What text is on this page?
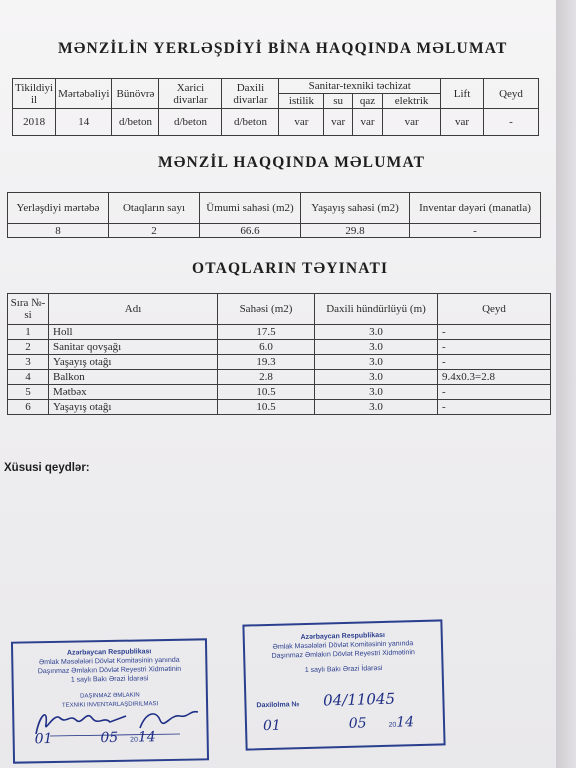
MƏNZİLİN YERLƏŞDİYİ BİNA HAQQINDA MƏLUMAT
Tikildiyi il	Mərtəbəliyi	Bünövrə	Xarici divarlar	Daxili divarlar	Sanitar-texniki təchizat				Lift	Qeyd
					istilik	su	qaz	elektrik		
2018	14	d/beton	d/beton	d/beton	var	var	var	var	var	-
MƏNZİL HAQQINDA MƏLUMAT
Yerləşdiyi mərtəbə	Otaqların sayı	Ümumi sahəsi (m2)	Yaşayış sahəsi (m2)	Inventar dəyəri (manatla)
8	2	66.6	29.8	-
OTAQLARIN TƏYINATI
Sıra №-si	Adı	Sahəsi (m2)	Daxili hündürlüyü (m)	Qeyd
1	Holl	17.5	3.0	-
2	Sanitar qovşağı	6.0	3.0	-
3	Yaşayış otağı	19.3	3.0	-
4	Balkon	2.8	3.0	9.4x0.3=2.8
5	Mətbəx	10.5	3.0	-
6	Yaşayış otağı	10.5	3.0	-
Xüsusi qeydlər:
Azərbaycan Respublikası
Əmlak Məsələləri Dövlət Komitəsinin yanında
Daşınmaz Əmlakın Dövlət Reyestri Xidmətinin
1 saylı Bakı Ərazi İdarəsi
DAŞINMAZ ƏMLAKIN
TEXNIKI INVENTARLAŞDIRILMASI
01	05 2014
Azərbaycan Respublikası
Əmlak Məsələləri Dövlət Komitəsinin yanında
Daşınmaz Əmlakın Dövlət Reyestri Xidmətinin
1 saylı Bakı Ərazi İdarəsi
Daxilolma № 04/11045
01	05	2014
